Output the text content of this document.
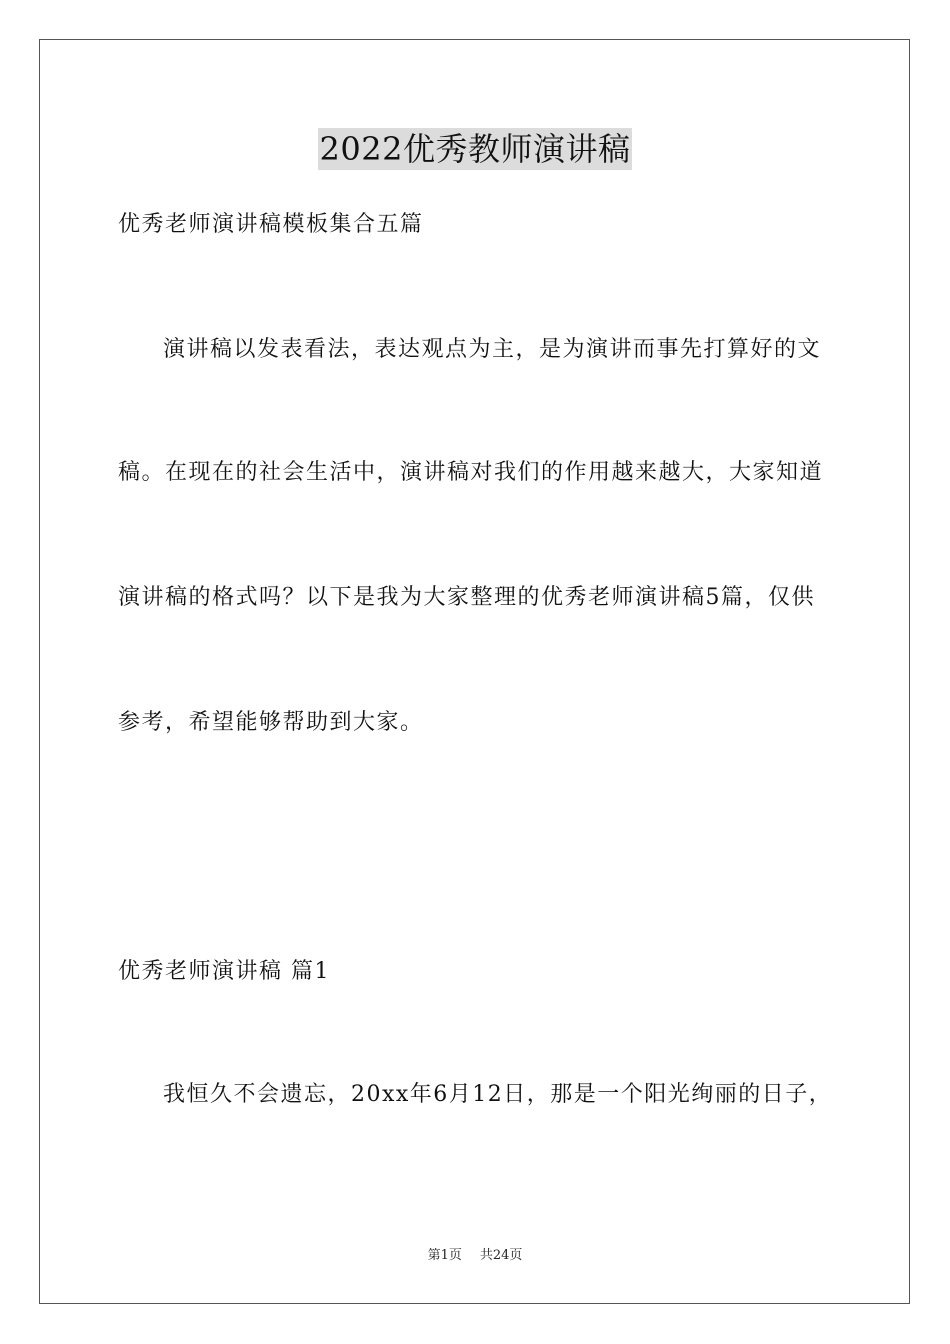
2022优秀教师演讲稿
优秀老师演讲稿模板集合五篇
演讲稿以发表看法，表达观点为主，是为演讲而事先打算好的文
稿。在现在的社会生活中，演讲稿对我们的作用越来越大，大家知道
演讲稿的格式吗？以下是我为大家整理的优秀老师演讲稿5篇，仅供
参考，希望能够帮助到大家。
优秀老师演讲稿 篇1
我恒久不会遗忘，20xx年6月12日，那是一个阳光绚丽的日子，
第1页 共24页
